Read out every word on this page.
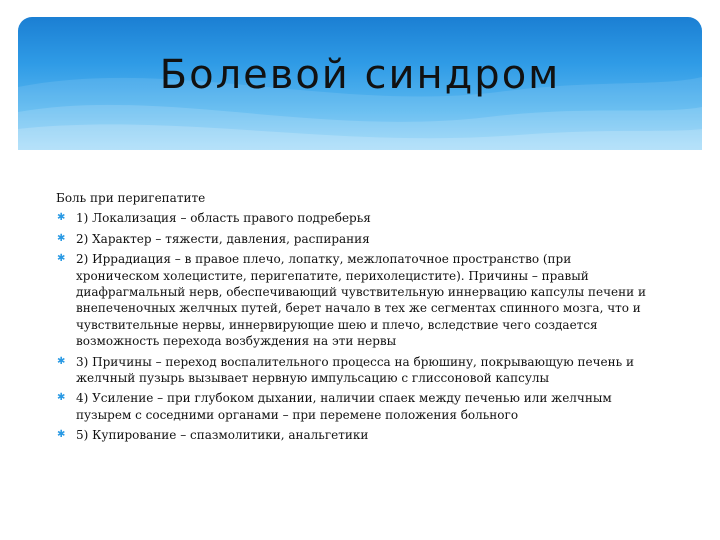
Болевой синдром

Боль при перигепатите

✱ 1) Локализация – область правого подреберья
✱ 2) Характер – тяжести, давления, распирания
✱ 2) Иррадиация – в правое плечо, лопатку, межлопаточное пространство (при хроническом холецистите, перигепатите, перихолецистите). Причины – правый диафрагмальный нерв, обеспечивающий чувствительную иннервацию капсулы печени и внепеченочных желчных путей, берет начало в тех же сегментах спинного мозга, что и чувствительные нервы, иннервирующие шею и плечо, вследствие чего создается возможность перехода возбуждения на эти нервы
✱ 3) Причины – переход воспалительного процесса на брюшину, покрывающую печень и желчный пузырь вызывает нервную импульсацию с глиссоновой капсулы
✱ 4) Усиление – при глубоком дыхании, наличии спаек между печенью или желчным пузырем с соседними органами – при перемене положения больного
✱ 5) Купирование – спазмолитики, анальгетики
